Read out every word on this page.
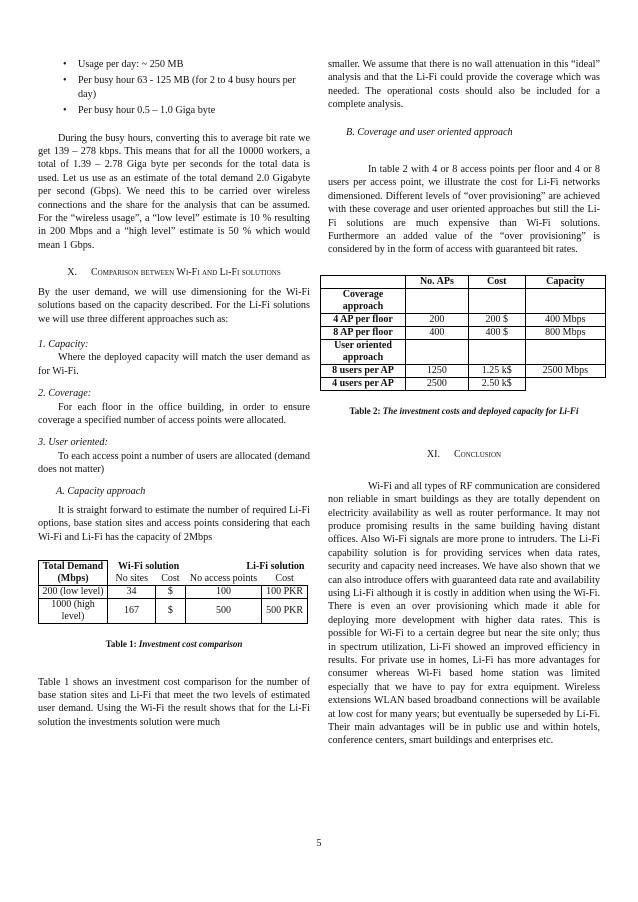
• Usage per day: ~ 250 MB
• Per busy hour 63 - 125 MB (for 2 to 4 busy hours per day)
• Per busy hour 0.5 – 1.0 Giga byte

During the busy hours, converting this to average bit rate we get 139 – 278 kbps. This means that for all the 10000 workers, a total of 1.39 – 2.78 Giga byte per seconds for the total data is used. Let us use as an estimate of the total demand 2.0 Gigabyte per second (Gbps). We need this to be carried over wireless connections and the share for the analysis that can be assumed. For the “wireless usage”, a “low level” estimate is 10 % resulting in 200 Mbps and a “high level” estimate is 50 % which would mean 1 Gbps.

X. Comparison between Wi-Fi and Li-Fi solutions

By the user demand, we will use dimensioning for the Wi-Fi solutions based on the capacity described. For the Li-Fi solutions we will use three different approaches such as:

1. Capacity:

Where the deployed capacity will match the user demand as for Wi-Fi.

2. Coverage:

For each floor in the office building, in order to ensure coverage a specified number of access points were allocated.

3. User oriented:

To each access point a number of users are allocated (demand does not matter)

A. Capacity approach

It is straight forward to estimate the number of required Li-Fi options, base station sites and access points considering that each Wi-Fi and Li-Fi has the capacity of 2Mbps

Total Demand (Mbps)	Wi-Fi solution		Li-Fi solution	
	No sites	Cost	No access points	Cost
200 (low level)	34	$	100	100 PKR
1000 (high level)	167	$	500	500 PKR
Table 1: Investment cost comparison

Table 1 shows an investment cost comparison for the number of base station sites and Li-Fi that meet the two levels of estimated user demand. Using the Wi-Fi the result shows that for the Li-Fi solution the investments solution were much

smaller. We assume that there is no wall attenuation in this “ideal” analysis and that the Li-Fi could provide the coverage which was needed. The operational costs should also be included for a complete analysis.

B. Coverage and user oriented approach

In table 2 with 4 or 8 access points per floor and 4 or 8 users per access point, we illustrate the cost for Li-Fi networks dimensioned. Different levels of “over provisioning” are achieved with these coverage and user oriented approaches but still the Li-Fi solutions are much expensive than Wi-Fi solutions. Furthermore an added value of the “over provisioning” is considered by in the form of access with guaranteed bit rates.

	No. APs	Cost	Capacity
Coverage approach			
4 AP per floor	200	200 $	400 Mbps
8 AP per floor	400	400 $	800 Mbps
User oriented approach			
8 users per AP	1250	1.25 k$	2500 Mbps
4 users per AP	2500	2.50 k$	
Table 2: The investment costs and deployed capacity for Li-Fi
XI. Conclusion

Wi-Fi and all types of RF communication are considered non reliable in smart buildings as they are totally dependent on electricity availability as well as router performance. It may not produce promising results in the same building having distant offices. Also Wi-Fi signals are more prone to intruders. The Li-Fi capability solution is for providing services when data rates, security and capacity need increases. We have also shown that we can also introduce offers with guaranteed data rate and availability using Li-Fi although it is costly in addition when using the Wi-Fi. There is even an over provisioning which made it able for deploying more development with higher data rates. This is possible for Wi-Fi to a certain degree but near the site only; thus in spectrum utilization, Li-Fi showed an improved efficiency in results. For private use in homes, Li-Fi has more advantages for consumer whereas Wi-Fi based home station was limited especially that we have to pay for extra equipment. Wireless extensions WLAN based broadband connections will be available at low cost for many years; but eventually be superseded by Li-Fi. Their main advantages will be in public use and within hotels, conference centers, smart buildings and enterprises etc.

5
